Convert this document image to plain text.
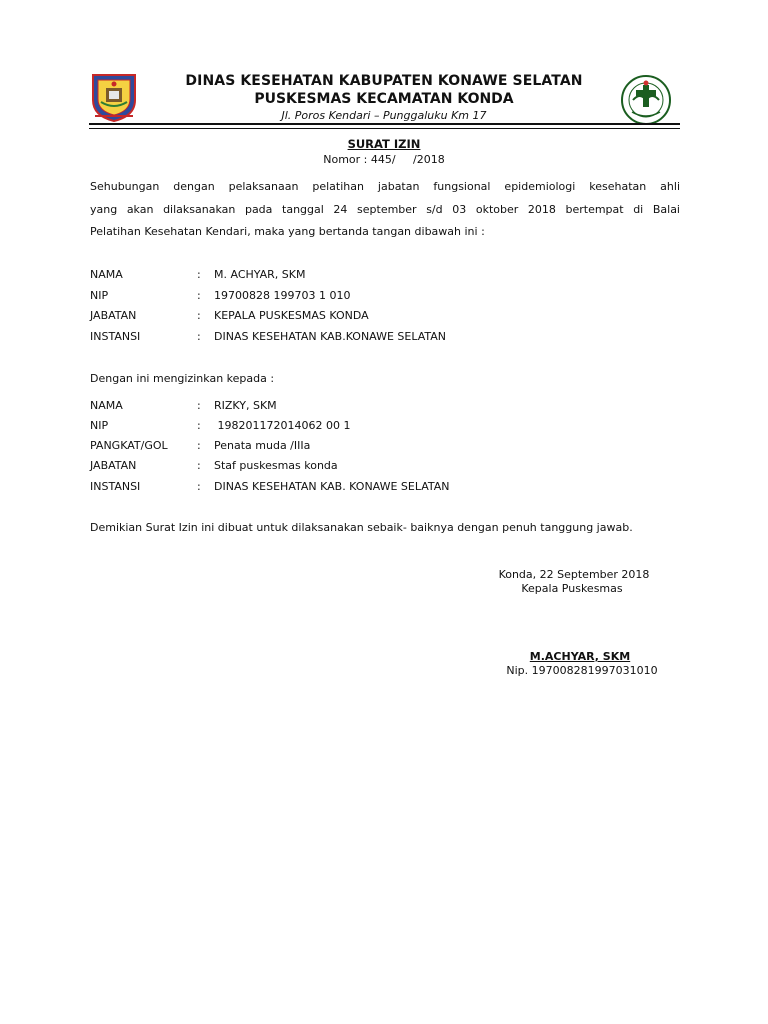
DINAS KESEHATAN KABUPATEN KONAWE SELATAN
PUSKESMAS KECAMATAN KONDA
Jl. Poros Kendari – Punggaluku Km 17
SURAT IZIN
Nomor : 445/     /2018
Sehubungan dengan pelaksanaan pelatihan jabatan fungsional epidemiologi kesehatan ahli
yang akan dilaksanakan pada tanggal 24 september s/d 03 oktober 2018 bertempat di Balai
Pelatihan Kesehatan Kendari, maka yang bertanda tangan dibawah ini :
NAMA	: M. ACHYAR, SKM
NIP	: 19700828 199703 1 010
JABATAN	: KEPALA PUSKESMAS KONDA
INSTANSI	: DINAS KESEHATAN KAB.KONAWE SELATAN
Dengan ini mengizinkan kepada :
NAMA	: RIZKY, SKM
NIP	: 198201172014062 00 1
PANGKAT/GOL	: Penata muda /IIIa
JABATAN	: Staf puskesmas konda
INSTANSI	: DINAS KESEHATAN KAB. KONAWE SELATAN
Demikian Surat Izin ini dibuat untuk dilaksanakan sebaik- baiknya dengan penuh tanggung jawab.
Konda, 22 September 2018
Kepala Puskesmas
M.ACHYAR, SKM
Nip. 197008281997031010
